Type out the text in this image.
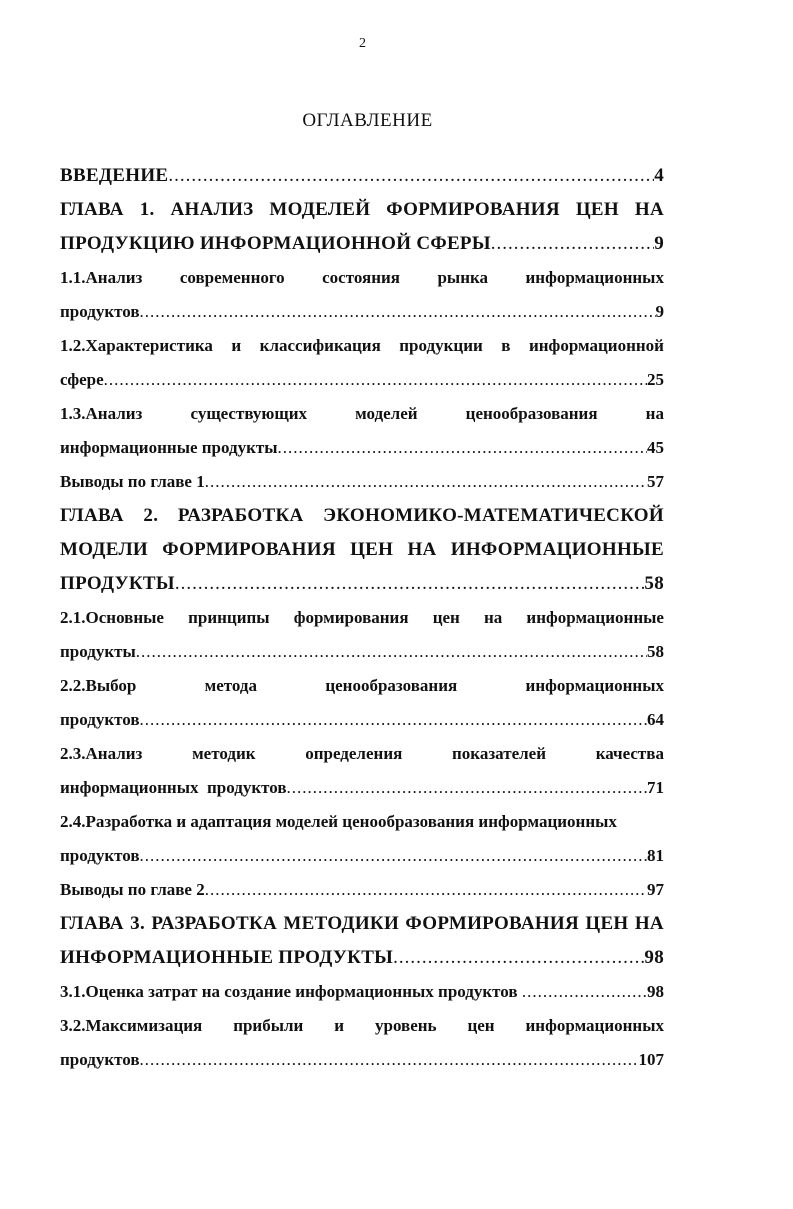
2
ОГЛАВЛЕНИЕ
ВВЕДЕНИЕ .....	4
ГЛАВА 1. АНАЛИЗ МОДЕЛЕЙ ФОРМИРОВАНИЯ ЦЕН НА
ПРОДУКЦИЮ ИНФОРМАЦИОННОЙ СФЕРЫ .....	9
1.1.Анализ современного состояния рынка информационных
продуктов .....	9
1.2.Характеристика и классификация продукции в информационной
сфере .....	25
1.3.Анализ	существующих	моделей	ценообразования	на
информационные продукты .....	45
Выводы по главе 1 .....	57
ГЛАВА 2. РАЗРАБОТКА ЭКОНОМИКО-МАТЕМАТИЧЕСКОЙ
МОДЕЛИ ФОРМИРОВАНИЯ ЦЕН НА ИНФОРМАЦИОННЫЕ
ПРОДУКТЫ .....	58
2.1.Основные принципы формирования цен на информационные
продукты .....	58
2.2.Выбор	метода	ценообразования	информационных
продуктов .....	64
2.3.Анализ	методик	определения	показателей	качества
информационных  продуктов .....	71
2.4.Разработка и адаптация моделей ценообразования информационных
продуктов .....	81
Выводы по главе 2 .....	97
ГЛАВА 3. РАЗРАБОТКА МЕТОДИКИ ФОРМИРОВАНИЯ ЦЕН НА
ИНФОРМАЦИОННЫЕ ПРОДУКТЫ .....	98
3.1.Оценка затрат на создание информационных продуктов .....	98
3.2.Максимизация прибыли и уровень цен информационных
продуктов .....	107
